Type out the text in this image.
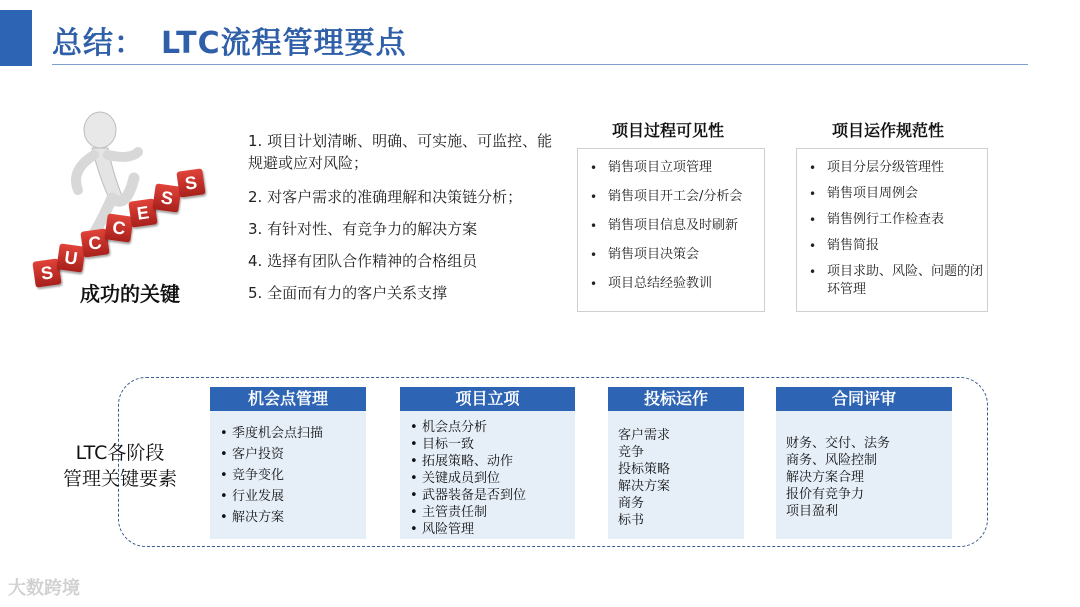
总结：　LTC流程管理要点
S
U
C
C
E
S
S
成功的关键
1. 项目计划清晰、明确、可实施、可监控、能规避或应对风险；
2. 对客户需求的准确理解和决策链分析；
3. 有针对性、有竞争力的解决方案
4. 选择有团队合作精神的合格组员
5. 全面而有力的客户关系支撑
项目过程可见性
• 销售项目立项管理
• 销售项目开工会/分析会
• 销售项目信息及时刷新
• 销售项目决策会
• 项目总结经验教训
项目运作规范性
• 项目分层分级管理性
• 销售项目周例会
• 销售例行工作检查表
• 销售简报
• 项目求助、风险、问题的闭环管理
LTC各阶段
管理关键要素
机会点管理
• 季度机会点扫描
• 客户投资
• 竞争变化
• 行业发展
• 解决方案
项目立项
• 机会点分析
• 目标一致
• 拓展策略、动作
• 关键成员到位
• 武器装备是否到位
• 主管责任制
• 风险管理
投标运作
客户需求
竞争
投标策略
解决方案
商务
标书
合同评审
财务、交付、法务
商务、风险控制
解决方案合理
报价有竞争力
项目盈利
大数跨境
